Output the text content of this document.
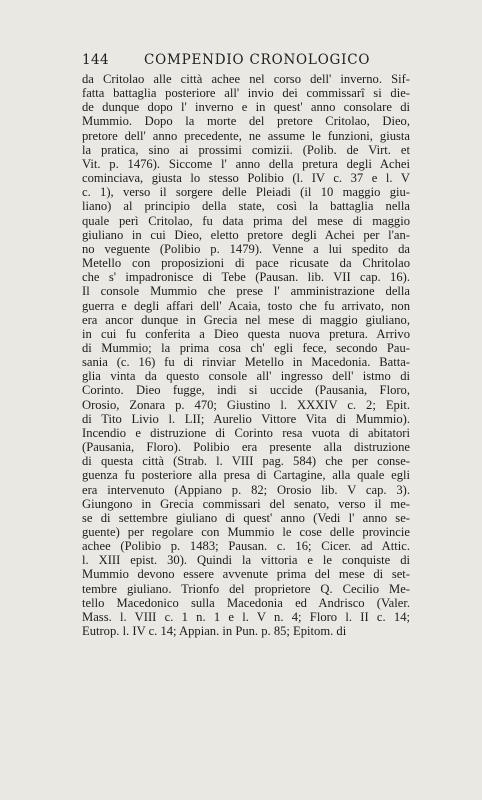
144	COMPENDIO CRONOLOGICO
da Critolao alle città achee nel corso dell' inverno. Sif-
fatta battaglia posteriore all' invio dei commissarî si die-
de dunque dopo l' inverno e in quest' anno consolare di
Mummio. Dopo la morte del pretore Critolao, Dieo,
pretore dell' anno precedente, ne assume le funzioni, giusta
la pratica, sino ai prossimi comizii. (Polib. de Virt. et
Vit. p. 1476). Siccome l' anno della pretura degli Achei
cominciava, giusta lo stesso Polibio (l. IV c. 37 e l. V
c. 1), verso il sorgere delle Pleiadi (il 10 maggio giu-
liano) al principio della state, così la battaglia nella
quale perì Critolao, fu data prima del mese di maggio
giuliano in cui Dieo, eletto pretore degli Achei per l'an-
no veguente (Polibio p. 1479). Venne a lui spedito da
Metello con proposizioni di pace ricusate da Chritolao
che s' impadronisce di Tebe (Pausan. lib. VII cap. 16).
Il console Mummio che prese l' amministrazione della
guerra e degli affari dell' Acaia, tosto che fu arrivato, non
era ancor dunque in Grecia nel mese di maggio giuliano,
in cui fu conferita a Dieo questa nuova pretura. Arrivo
di Mummio; la prima cosa ch' egli fece, secondo Pau-
sania (c. 16) fu di rinviar Metello in Macedonia. Batta-
glia vinta da questo console all' ingresso dell' istmo di
Corinto. Dieo fugge, indi si uccide (Pausania, Floro,
Orosio, Zonara p. 470; Giustino l. XXXIV c. 2; Epit.
di Tito Livio l. LII; Aurelio Vittore Vita di Mummio).
Incendio e distruzione di Corinto resa vuota di abitatori
(Pausania, Floro). Polibio era presente alla distruzione
di questa città (Strab. l. VIII pag. 584) che per conse-
guenza fu posteriore alla presa di Cartagine, alla quale egli
era intervenuto (Appiano p. 82; Orosio lib. V cap. 3).
Giungono in Grecia commissari del senato, verso il me-
se di settembre giuliano di quest' anno (Vedi l' anno se-
guente) per regolare con Mummio le cose delle provincie
achee (Polibio p. 1483; Pausan. c. 16; Cicer. ad Attic.
l. XIII epist. 30). Quindi la vittoria e le conquiste di
Mummio devono essere avvenute prima del mese di set-
tembre giuliano. Trionfo del proprietore Q. Cecilio Me-
tello Macedonico sulla Macedonia ed Andrisco (Valer.
Mass. l. VIII c. 1 n. 1 e l. V n. 4; Floro l. II c. 14;
Eutrop. l. IV c. 14; Appian. in Pun. p. 85; Epitom. di
